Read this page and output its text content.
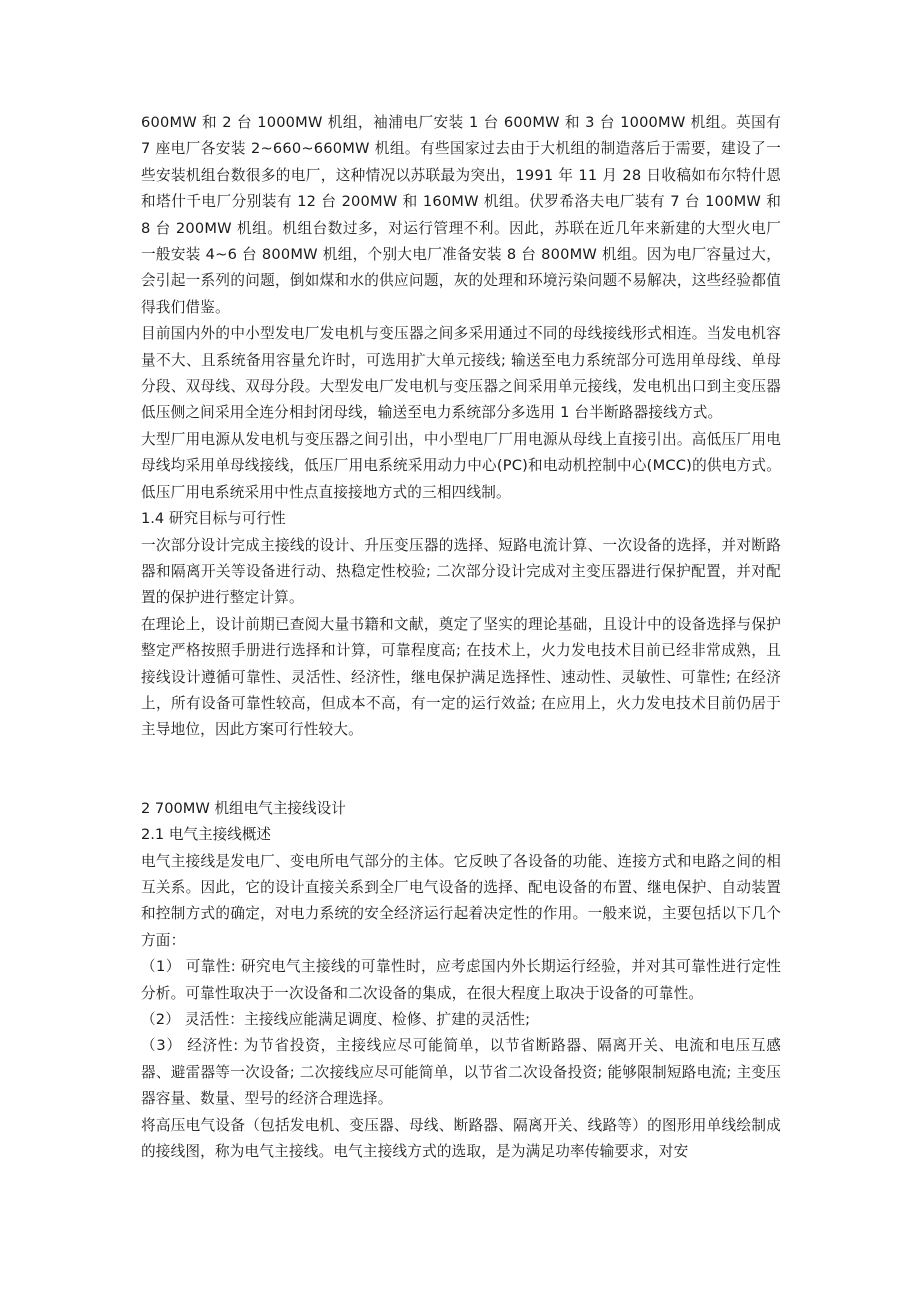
600MW 和 2 台 1000MW 机组，袖浦电厂安装 1 台 600MW 和 3 台 1000MW 机组。英国有 7 座电厂各安装 2~660~660MW 机组。有些国家过去由于大机组的制造落后于需要，建设了一些安装机组台数很多的电厂，这种情况以苏联最为突出，1991 年 11 月 28 日收稿如布尔特什恩和塔什千电厂分别装有 12 台 200MW 和 160MW 机组。伏罗希洛夫电厂装有 7 台 100MW 和 8 台 200MW 机组。机组台数过多，对运行管理不利。因此，苏联在近几年来新建的大型火电厂一般安装 4~6 台 800MW 机组，个别大电厂准备安装 8 台 800MW 机组。因为电厂容量过大，会引起一系列的问题，倒如煤和水的供应问题，灰的处理和环境污染问题不易解决，这些经验都值得我们借鉴。

目前国内外的中小型发电厂发电机与变压器之间多采用通过不同的母线接线形式相连。当发电机容量不大、且系统备用容量允许时，可选用扩大单元接线; 输送至电力系统部分可选用单母线、单母分段、双母线、双母分段。大型发电厂发电机与变压器之间采用单元接线，发电机出口到主变压器低压侧之间采用全连分相封闭母线，输送至电力系统部分多选用 1 台半断路器接线方式。

大型厂用电源从发电机与变压器之间引出，中小型电厂厂用电源从母线上直接引出。高低压厂用电母线均采用单母线接线，低压厂用电系统采用动力中心(PC)和电动机控制中心(MCC)的供电方式。低压厂用电系统采用中性点直接接地方式的三相四线制。

1.4 研究目标与可行性

一次部分设计完成主接线的设计、升压变压器的选择、短路电流计算、一次设备的选择，并对断路器和隔离开关等设备进行动、热稳定性校验; 二次部分设计完成对主变压器进行保护配置，并对配置的保护进行整定计算。

在理论上，设计前期已查阅大量书籍和文献，奠定了坚实的理论基础，且设计中的设备选择与保护整定严格按照手册进行选择和计算，可靠程度高; 在技术上，火力发电技术目前已经非常成熟，且接线设计遵循可靠性、灵活性、经济性，继电保护满足选择性、速动性、灵敏性、可靠性; 在经济上，所有设备可靠性较高，但成本不高，有一定的运行效益; 在应用上，火力发电技术目前仍居于主导地位，因此方案可行性较大。

2 700MW 机组电气主接线设计

2.1 电气主接线概述

电气主接线是发电厂、变电所电气部分的主体。它反映了各设备的功能、连接方式和电路之间的相互关系。因此，它的设计直接关系到全厂电气设备的选择、配电设备的布置、继电保护、自动装置和控制方式的确定，对电力系统的安全经济运行起着决定性的作用。一般来说，主要包括以下几个方面：

（1） 可靠性: 研究电气主接线的可靠性时，应考虑国内外长期运行经验，并对其可靠性进行定性分析。可靠性取决于一次设备和二次设备的集成，在很大程度上取决于设备的可靠性。

（2） 灵活性：主接线应能满足调度、检修、扩建的灵活性;

（3） 经济性: 为节省投资，主接线应尽可能简单，以节省断路器、隔离开关、电流和电压互感器、避雷器等一次设备; 二次接线应尽可能简单，以节省二次设备投资; 能够限制短路电流; 主变压器容量、数量、型号的经济合理选择。

将高压电气设备（包括发电机、变压器、母线、断路器、隔离开关、线路等）的图形用单线绘制成的接线图，称为电气主接线。电气主接线方式的选取，是为满足功率传输要求，对安
